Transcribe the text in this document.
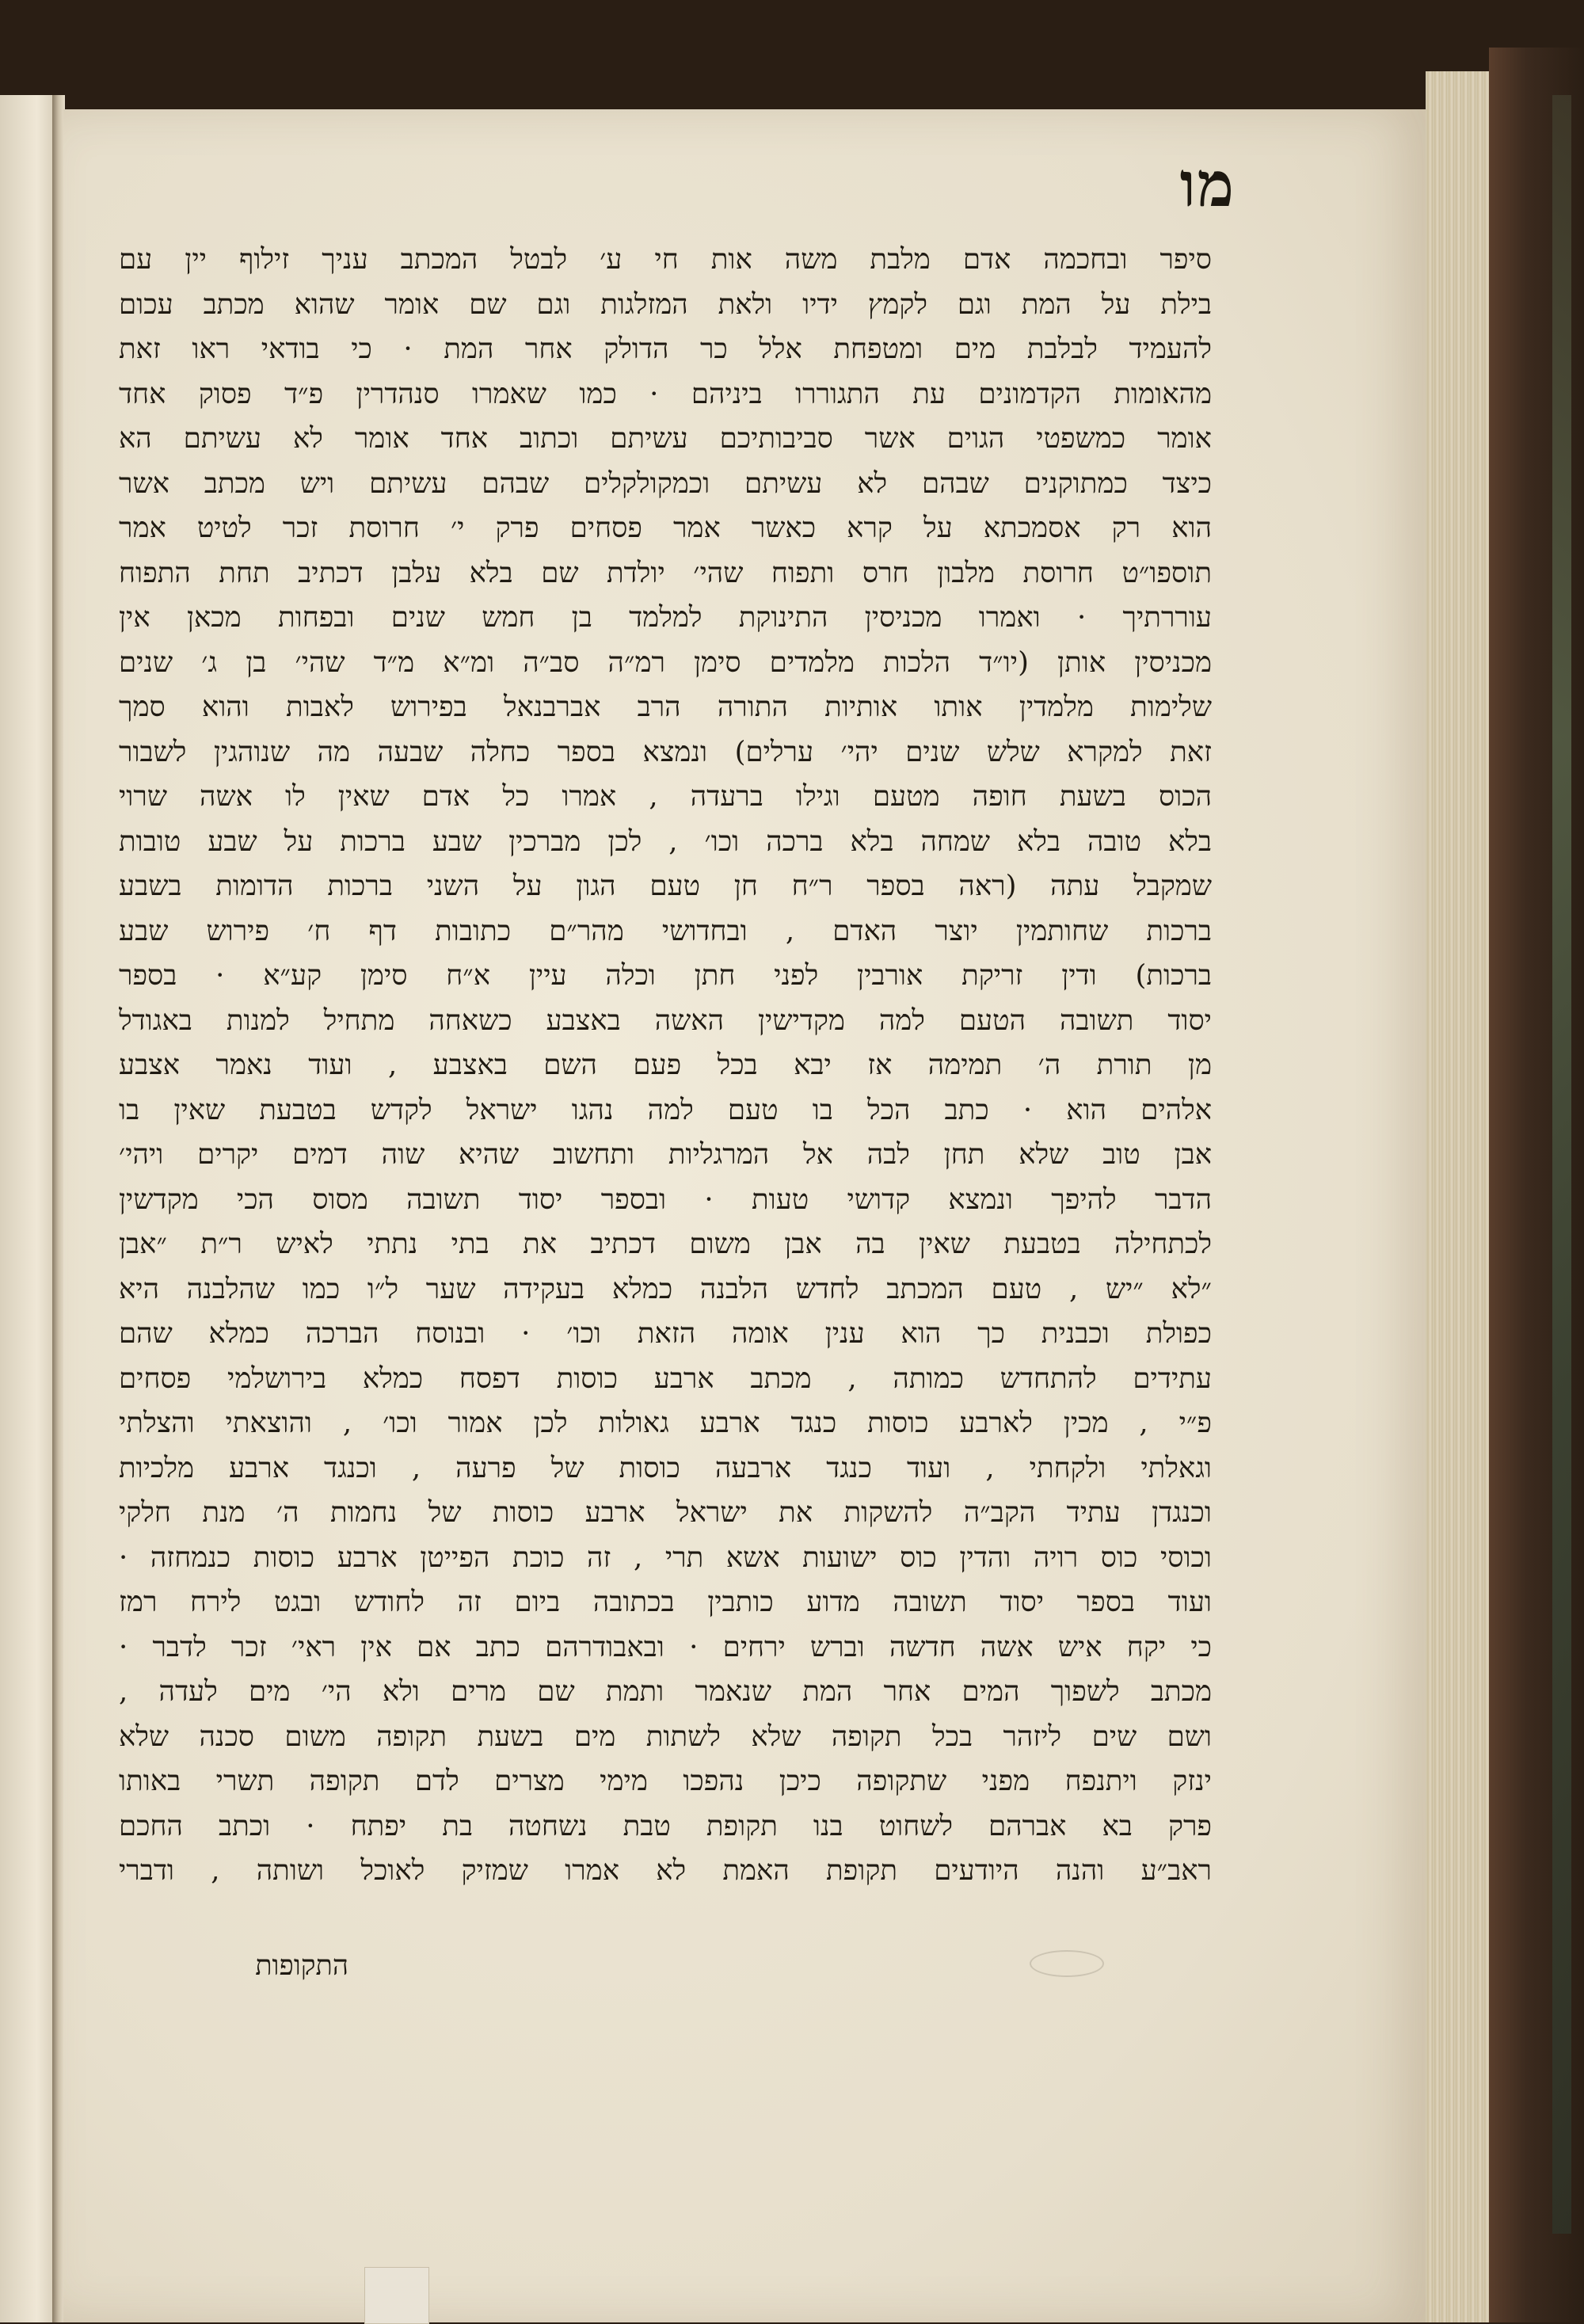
מו
סיפר ובחכמה אדם מלבת משה אות חי ע׳ לבטל המכתב עניך זילוף יין עם
בילת על המת וגם לקמץ ידיו ולאת המזלגות וגם שם אומר שהוא מכתב עכום
להעמיד לבלבת מים ומטפחת אלל כר הדולק אחר המת · כי בודאי ראו זאת
מהאומות הקדמונים עת התגוררו ביניהם · כמו שאמרו סנהדרין פ״ד פסוק אחד
אומר כמשפטי הגוים אשר סביבותיכם עשיתם וכתוב אחד אומר לא עשיתם הא
כיצד כמתוקנים שבהם לא עשיתם וכמקולקלים שבהם עשיתם ויש מכתב אשר
הוא רק אסמכתא על קרא כאשר אמר פסחים פרק י׳ חרוסת זכר לטיט אמר
תוספו״ט חרוסת מלבון חרס ותפוח שהי׳ יולדת שם בלא עלבן דכתיב תחת התפוח
עוררתיך · ואמרו מכניסין התינוקת למלמד בן חמש שנים ובפחות מכאן אין
מכניסין אותן (יו״ד הלכות מלמדים סימן רמ״ה סב״ה ומ״א מ״ד שהי׳ בן ג׳ שנים
שלימות מלמדין אותו אותיות התורה הרב אברבנאל בפירוש לאבות והוא סמך
זאת למקרא שלש שנים יהי׳ ערלים) ונמצא בספר כחלה שבעה מה שנוהגין לשבור
הכוס בשעת חופה מטעם וגילו ברעדה , אמרו כל אדם שאין לו אשה שרוי
בלא טובה בלא שמחה בלא ברכה וכו׳ , לכן מברכין שבע ברכות על שבע טובות
שמקבל עתה (ראה בספר ר״ח חן טעם הגון על השני ברכות הדומות בשבע
ברכות שחותמין יוצר האדם , ובחדושי מהר״ם כתובות דף ח׳ פירוש שבע
ברכות) ודין זריקת אורבין לפני חתן וכלה עיין א״ח סימן קע״א · בספר
יסוד תשובה הטעם למה מקדישין האשה באצבע כשאחה מתחיל למנות באגודל
מן תורת ה׳ תמימה אז יבא בכל פעם השם באצבע , ועוד נאמר אצבע
אלהים הוא · כתב הכל בו טעם למה נהגו ישראל לקדש בטבעת שאין בו
אבן טוב שלא תחן לבה אל המרגליות ותחשוב שהיא שוה דמים יקרים ויהי׳
הדבר להיפך ונמצא קדושי טעות · ובספר יסוד תשובה מסוס הכי מקדשין
לכתחילה בטבעת שאין בה אבן משום דכתיב את בתי נתתי לאיש ר״ת ״אבן
״לא ״יש , טעם המכתב לחדש הלבנה כמלא בעקידה שער ל״ו כמו שהלבנה היא
כפולת וכבנית כך הוא ענין אומה הזאת וכו׳ · ובנוסח הברכה כמלא שהם
עתידים להתחדש כמותה , מכתב ארבע כוסות דפסח כמלא בירושלמי פסחים
פ״י , מכין לארבע כוסות כנגד ארבע גאולות לכן אמור וכו׳ , והוצאתי והצלתי
וגאלתי ולקחתי , ועוד כנגד ארבעה כוסות של פרעה , וכנגד ארבע מלכיות
וכנגדן עתיד הקב״ה להשקות את ישראל ארבע כוסות של נחמות ה׳ מנת חלקי
וכוסי כוס רויה והדין כוס ישועות אשא תרי , זה כוכת הפייטן ארבע כוסות כנמחזה ·
ועוד בספר יסוד תשובה מדוע כותבין בכתובה ביום זה לחודש ובגט לירח רמז
כי יקח איש אשה חדשה וברש ירחים · ובאבודרהם כתב אם אין ראי׳ זכר לדבר ·
מכתב לשפוך המים אחר המת שנאמר ותמת שם מרים ולא הי׳ מים לעדה ,
ושם שים ליזהר בכל תקופה שלא לשתות מים בשעת תקופה משום סכנה שלא
ינזק ויתנפח מפני שתקופה כיכן נהפכו מימי מצרים לדם תקופה תשרי באותו
פרק בא אברהם לשחוט בנו תקופת טבת נשחטה בת יפתח · וכתב החכם
ראב״ע והנה היודעים תקופת האמת לא אמרו שמזיק לאוכל ושותה , ודברי
התקופות
